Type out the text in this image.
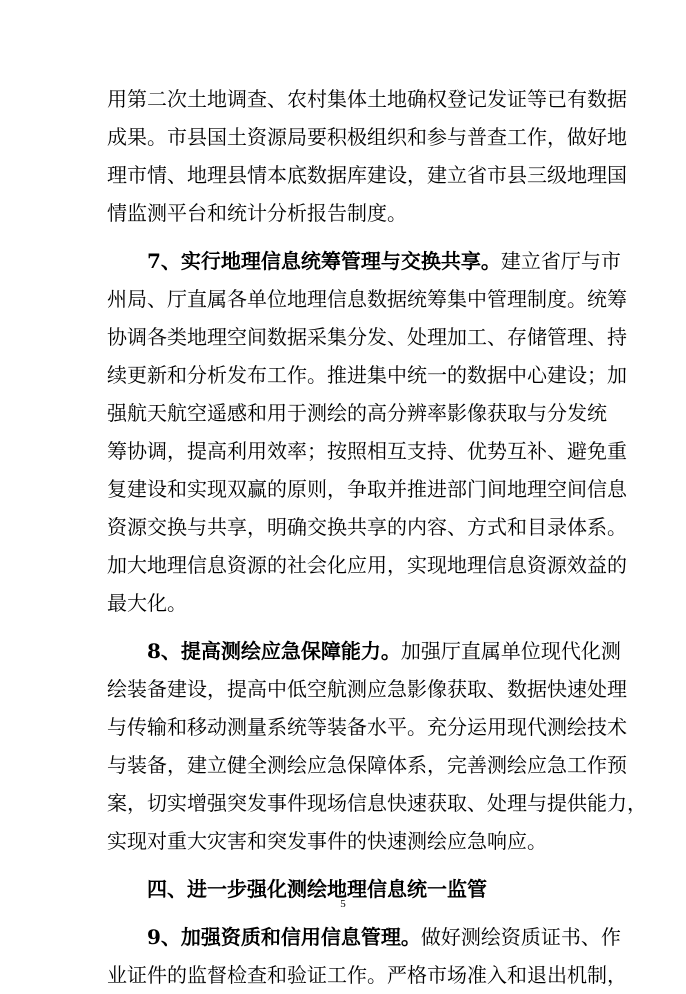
用第二次土地调查、农村集体土地确权登记发证等已有数据
成果。市县国土资源局要积极组织和参与普查工作，做好地
理市情、地理县情本底数据库建设，建立省市县三级地理国
情监测平台和统计分析报告制度。
7、实行地理信息统筹管理与交换共享。建立省厅与市
州局、厅直属各单位地理信息数据统筹集中管理制度。统筹
协调各类地理空间数据采集分发、处理加工、存储管理、持
续更新和分析发布工作。推进集中统一的数据中心建设；加
强航天航空遥感和用于测绘的高分辨率影像获取与分发统
筹协调，提高利用效率；按照相互支持、优势互补、避免重
复建设和实现双赢的原则，争取并推进部门间地理空间信息
资源交换与共享，明确交换共享的内容、方式和目录体系。
加大地理信息资源的社会化应用，实现地理信息资源效益的
最大化。
8、提高测绘应急保障能力。加强厅直属单位现代化测
绘装备建设，提高中低空航测应急影像获取、数据快速处理
与传输和移动测量系统等装备水平。充分运用现代测绘技术
与装备，建立健全测绘应急保障体系，完善测绘应急工作预
案，切实增强突发事件现场信息快速获取、处理与提供能力，
实现对重大灾害和突发事件的快速测绘应急响应。
四、进一步强化测绘地理信息统一监管
9、加强资质和信用信息管理。做好测绘资质证书、作
业证件的监督检查和验证工作。严格市场准入和退出机制，
5
